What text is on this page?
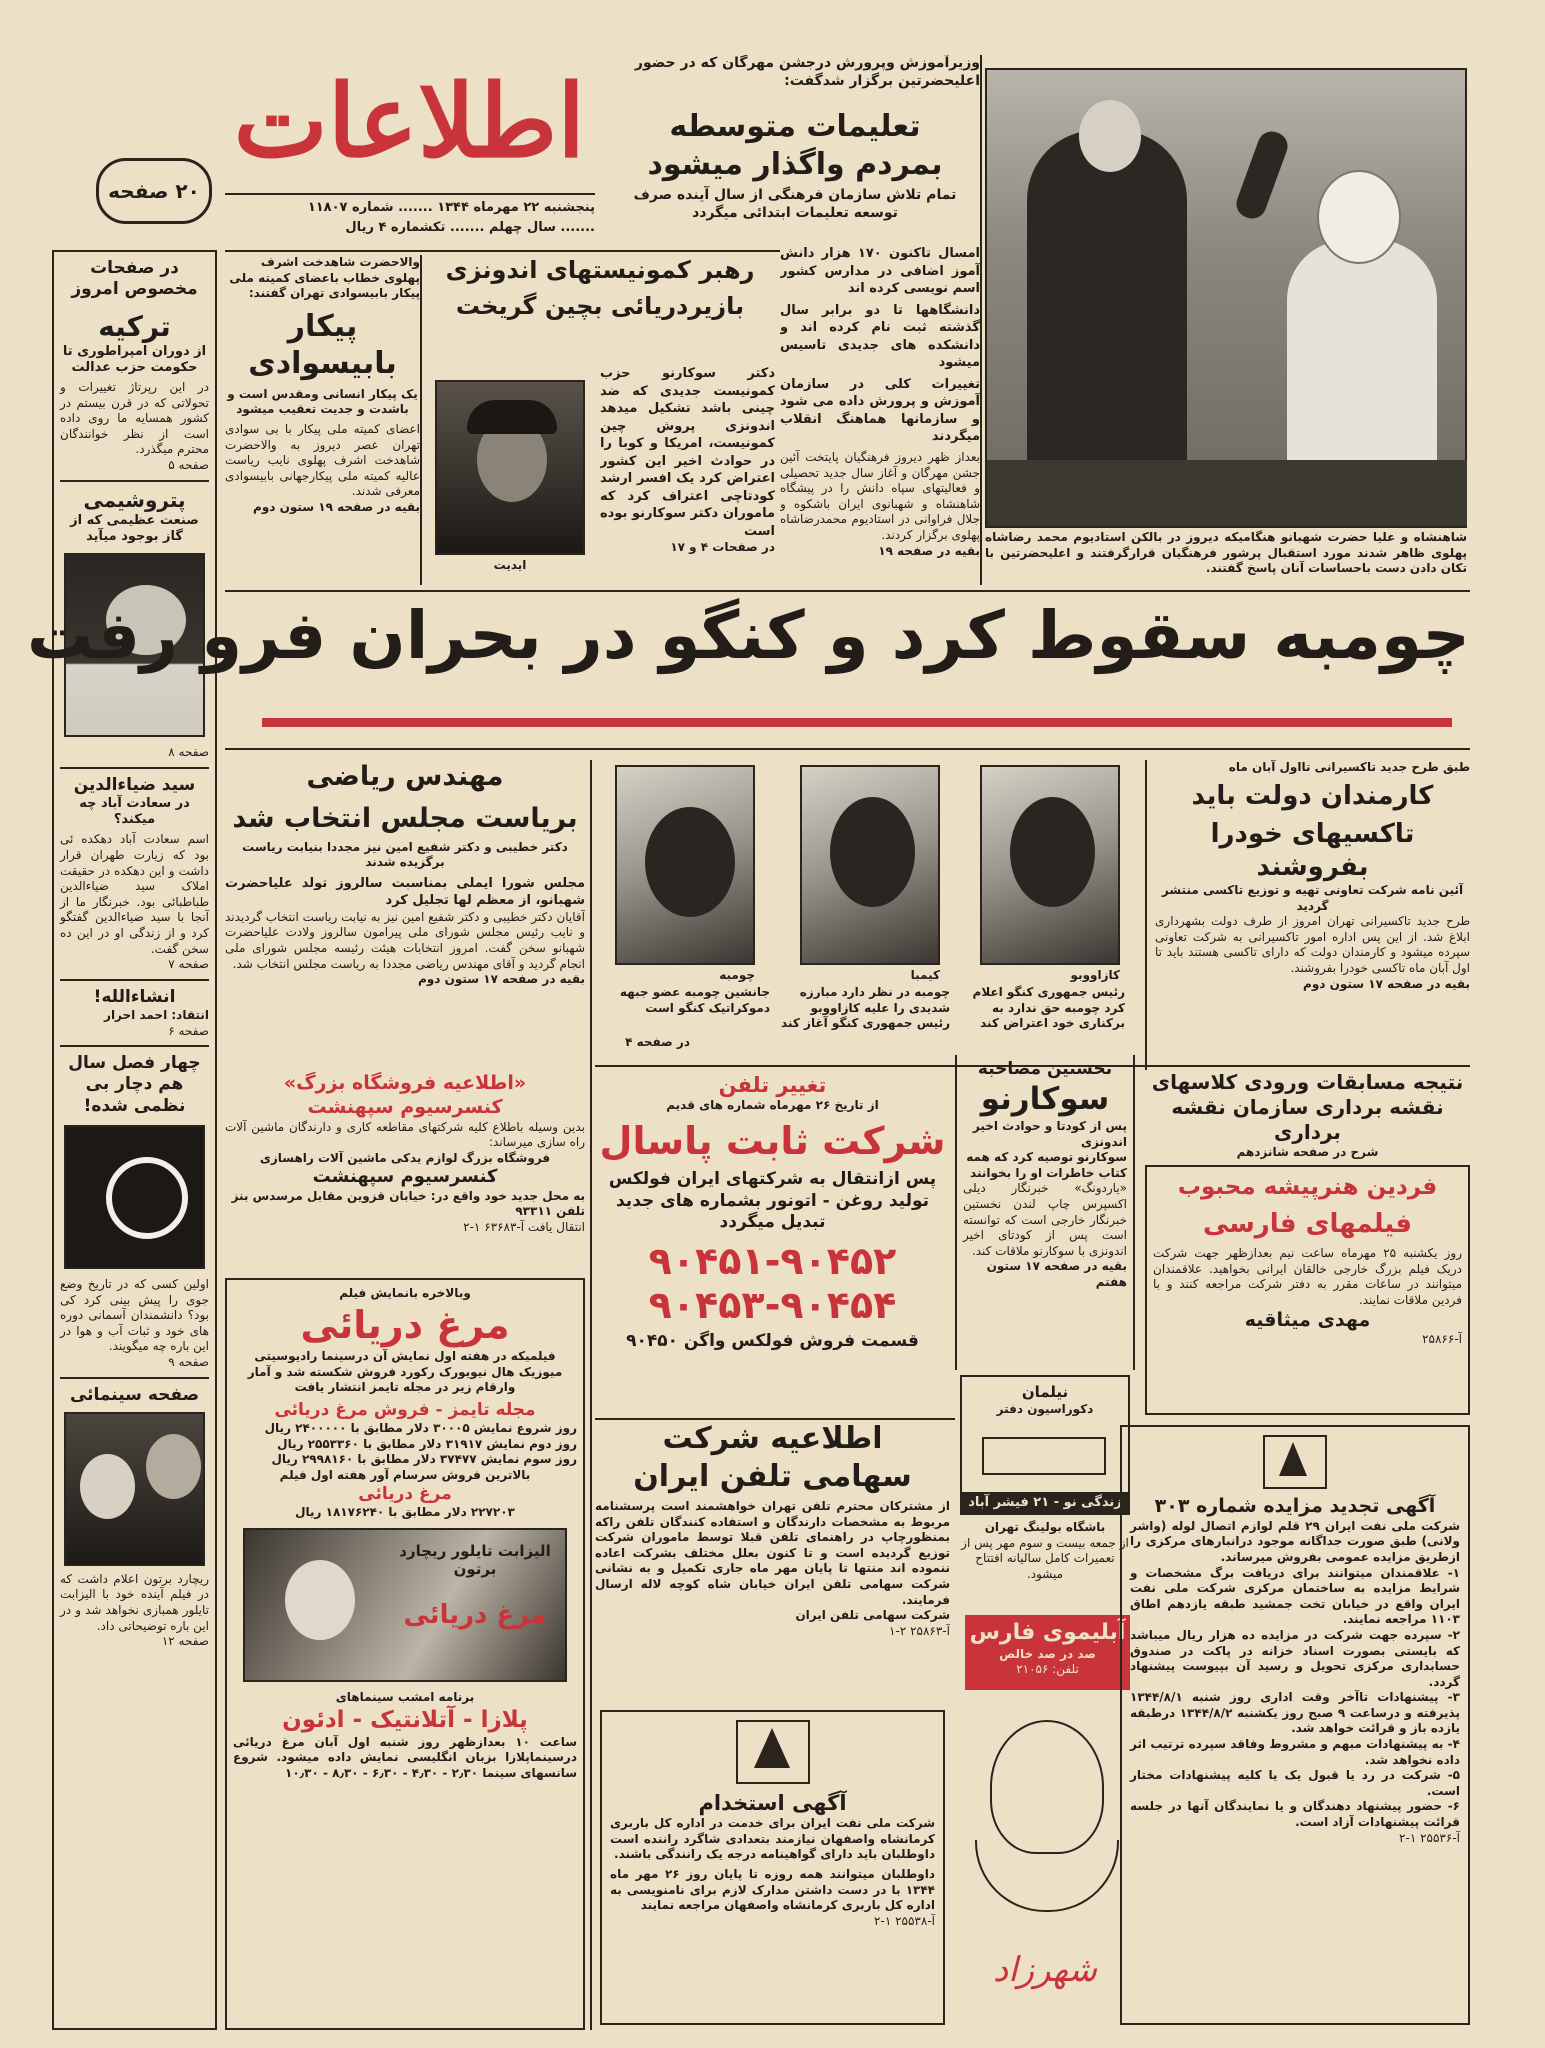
اطلاعات
۲۰ صفحه
پنجشنبه ۲۲ مهرماه ۱۳۴۴ ....... شماره ۱۱۸۰۷
....... سال چهلم ....... تکشماره ۴ ریال
وزیرآموزش وپرورش درجشن مهرگان که در حضور اعلیحضرتین برگزار شدگفت:
تعلیمات متوسطه
بمردم واگذار میشود
تمام تلاش سازمان فرهنگی از سال آینده صرف توسعه تعلیمات ابتدائی میگردد
امسال تاکنون ۱۷۰ هزار دانش آموز اضافی در مدارس کشور اسم نویسی کرده اند
دانشگاهها تا دو برابر سال گذشته ثبت نام کرده اند و دانشکده های جدیدی تاسیس میشود
تغییرات کلی در سازمان آموزش و پرورش داده می شود و سازمانها هماهنگ انقلاب میگردند
بعداز ظهر دیروز فرهنگیان پایتخت آئین جشن مهرگان و آغاز سال جدید تحصیلی و فعالیتهای سپاه دانش را در پیشگاه شاهنشاه و شهبانوی ایران باشکوه و جلال فراوانی در استادیوم محمدرضاشاه پهلوی برگزار کردند.
بقیه در صفحه ۱۹
شاهنشاه و علیا حضرت شهبانو هنگامیکه دیروز در بالکن استادیوم محمد رضاشاه پهلوی ظاهر شدند مورد استقبال پرشور فرهنگیان قرارگرفتند و اعلیحضرتین با تکان دادن دست باحساسات آنان پاسخ گفتند.
رهبر کمونیستهای اندونزی
بازیردریائی بچین گریخت
دکتر سوکارنو حزب کمونیست جدیدی که ضد چینی باشد تشکیل میدهد اندونزی پروش چین کمونیست، امریکا و کوبا را در حوادث اخیر این کشور اعتراض کرد یک افسر ارشد کودتاچی اعتراف کرد که ماموران دکتر سوکارنو بوده است
در صفحات ۴ و ۱۷
ایدیت
والاحضرت شاهدخت اشرف پهلوی خطاب باعضای کمیته ملی پیکار بابیسوادی تهران گفتند:
پیکار
بابیسوادی
یک پیکار انسانی ومقدس است و باشدت و جدیت تعقیب میشود
اعضای کمیته ملی پیکار با بی سوادی تهران عصر دیروز به والاحضرت شاهدخت اشرف پهلوی نایب ریاست عالیه کمیته ملی پیکارجهانی بابیسوادی معرفی شدند.
بقیه در صفحه ۱۹ ستون دوم
در صفحات مخصوص امروز
ترکیه
از دوران امپراطوری تا حکومت حزب عدالت
در این رپرتاژ تغییرات و تحولاتی که در قرن بیستم در کشور همسایه ما روی داده است از نظر خوانندگان محترم میگذرد.
صفحه ۵
پتروشیمی
صنعت عظیمی که از گاز بوجود میآید
صفحه ۸
سید ضیاءالدین
در سعادت آباد چه میکند؟
اسم سعادت آباد دهکده ئی بود که زیارت طهران قرار داشت و این دهکده در حقیقت املاک سید ضیاءالدین طباطبائی بود. خبرنگار ما از آنجا با سید ضیاءالدین گفتگو کرد و از زندگی او در این ده سخن گفت.
صفحه ۷
انشاءالله!
انتقاد: احمد احرار
صفحه ۶
چهار فصل سال هم دچار بی نظمی شده!
اولین کسی که در تاریخ وضع جوی را پیش بینی کرد کی بود؟ دانشمندان آسمانی دوره های خود و ثبات آب و هوا در این باره چه میگویند.
صفحه ۹
صفحه سینمائی
ریچارد برتون اعلام داشت که در فیلم آینده خود با الیزابت تایلور همبازی نخواهد شد و در این باره توضیحاتی داد.
صفحه ۱۲
چومبه سقوط کرد و کنگو در بحران فرو رفت
مهندس ریاضی
بریاست مجلس انتخاب شد
دکتر خطیبی و دکتر شفیع امین نیز مجددا بنیابت ریاست برگزیده شدند
مجلس شورا ایملی بمناسبت سالروز تولد علیاحضرت شهبانو، از معظم لها تجلیل کرد
آقایان دکتر خطیبی و دکتر شفیع امین نیز به نیابت ریاست انتخاب گردیدند و نایب رئیس مجلس شورای ملی پیرامون سالروز ولادت علیاحضرت شهبانو سخن گفت. امروز انتخابات هیئت رئیسه مجلس شورای ملی انجام گردید و آقای مهندس ریاضی مجددا به ریاست مجلس انتخاب شد.
بقیه در صفحه ۱۷ ستون دوم	کازاووبو
کیمبا
چومبه
رئیس جمهوری کنگو اعلام کرد چومبه حق ندارد به برکناری خود اعتراض کند
چومبه در نظر دارد مبارزه شدیدی را علیه کازاووبو رئیس جمهوری کنگو آغاز کند
جانشین چومبه عضو جبهه دموکراتیک کنگو است
در صفحه ۴
طبق طرح جدید تاکسیرانی تااول آبان ماه
کارمندان دولت باید
تاکسیهای خودرا بفروشند
آئین نامه شرکت تعاونی تهیه و توزیع تاکسی منتشر گردید
طرح جدید تاکسیرانی تهران امروز از طرف دولت بشهرداری ابلاغ شد. از این پس اداره امور تاکسیرانی به شرکت تعاونی سپرده میشود و کارمندان دولت که دارای تاکسی هستند باید تا اول آبان ماه تاکسی خودرا بفروشند.
بقیه در صفحه ۱۷ ستون دوم
«اطلاعیه فروشگاه بزرگ»
کنسرسیوم سپهنشت
بدین وسیله باطلاع کلیه شرکتهای مقاطعه کاری و دارندگان ماشین آلات راه سازی میرساند:
فروشگاه بزرگ لوازم یدکی ماشین آلات راهسازی
کنسرسیوم سپهنشت
به محل جدید خود واقع در: خیابان قزوین مقابل مرسدس بنز تلفن ۹۳۳۱۱
انتقال یافت آ-۶۳۶۸۳ ۱-۲
وبالاخره بانمایش فیلم
مرغ دریائی
فیلمیکه در هفته اول نمایش آن درسینما رادیوسیتی میوزیک هال نیویورک رکورد فروش شکسته شد و آمار وارقام زیر در مجله تایمز انتشار یافت
مجله تایمز - فروش مرغ دریائی
روز شروع نمایش ۳۰۰۰۵ دلار مطابق با ۲۴۰۰۰۰۰ ریال
روز دوم نمایش ۳۱۹۱۷ دلار مطابق با ۲۵۵۳۳۶۰ ریال
روز سوم نمایش ۳۷۴۷۷ دلار مطابق با ۲۹۹۸۱۶۰ ریال
بالاترین فروش سرسام آور هفته اول فیلم
مرغ دریائی
۲۲۷۲۰۳ دلار مطابق با ۱۸۱۷۶۲۴۰ ریال
الیزابت تایلور ریچارد برتون
مرغ دریائی
برنامه امشب سینماهای
پلازا - آتلانتیک - ادئون
ساعت ۱۰ بعدازظهر روز شنبه اول آبان مرغ دریائی درسینماپلازا بزبان انگلیسی نمایش داده میشود. شروع سانسهای سینما ۲٫۳۰ - ۴٫۳۰ - ۶٫۳۰ - ۸٫۳۰ - ۱۰٫۳۰
تغییر تلفن
از تاریخ ۲۶ مهرماه شماره های قدیم
شرکت ثابت پاسال
پس ازانتقال به شرکتهای ایران فولکس تولید روغن - اتونور بشماره های جدید تبدیل میگردد
۹۰۴۵۱-۹۰۴۵۲
۹۰۴۵۳-۹۰۴۵۴
قسمت فروش فولکس واگن ۹۰۴۵۰
اطلاعیه شرکت
سهامی تلفن ایران
از مشترکان محترم تلفن تهران خواهشمند است پرسشنامه مربوط به مشخصات دارندگان و استفاده کنندگان تلفن راکه بمنظورچاپ در راهنمای تلفن قبلا توسط ماموران شرکت توزیع گردیده است و تا کنون بعلل مختلف بشرکت اعاده ننموده اند منتها تا پایان مهر ماه جاری تکمیل و به نشانی شرکت سهامی تلفن ایران خیابان شاه کوچه لاله ارسال فرمایند.
شرکت سهامی تلفن ایران
آ-۲۵۸۶۳ ۲-۱
آگهی استخدام
شرکت ملی نفت ایران برای خدمت در اداره کل باربری کرمانشاه واصفهان نیازمند بتعدادی شاگرد راننده است داوطلبان باید دارای گواهینامه درجه یک رانندگی باشند.
داوطلبان میتوانند همه روزه تا پایان روز ۲۶ مهر ماه ۱۳۴۴ با در دست داشتن مدارک لازم برای نامنویسی به اداره کل باربری کرمانشاه واصفهان مراجعه نمایند
آ-۲۵۵۳۸ ۱-۲
نخستین مصاحبه
سوکارنو
پس از کودتا و حوادث اخیر اندونزی
سوکارنو توصیه کرد که همه کتاب خاطرات او را بخوانند
«یاردونگ» خبرنگار دیلی اکسپرس چاپ لندن نخستین خبرنگار خارجی است که توانسته است پس از کودتای اخیر اندونزی با سوکارنو ملاقات کند.
بقیه در صفحه ۱۷ ستون هفتم
نتیجه مسابقات ورودی کلاسهای
نقشه برداری سازمان نقشه برداری
شرح در صفحه شانزدهم
فردین هنرپیشه محبوب
فیلمهای فارسی
روز یکشنبه ۲۵ مهرماه ساعت نیم بعدازظهر جهت شرکت دریک فیلم بزرگ خارجی خالقان ایرانی بخواهید. علاقمندان میتوانند در ساعات مقرر به دفتر شرکت مراجعه کنند و با فردین ملاقات نمایند.
مهدی میثاقیه
آ-۲۵۸۶۶
نیلمان
دکوراسیون دفتر
زندگی نو - ۲۱ فیشر آباد
باشگاه بولینگ تهران
از جمعه بیست و سوم مهر پس از تعمیرات کامل سالیانه افتتاح میشود.
آبلیموی فارس
صد در صد خالص
تلفن: ۲۱۰۵۶
شهرزاد
آگهی تجدید مزایده شماره ۳۰۳
شرکت ملی نفت ایران ۲۹ قلم لوازم اتصال لوله (واشر ولانی) طبق صورت جداگانه موجود درانبارهای مرکزی را ازطریق مزایده عمومی بفروش میرساند.
۱- علاقمندان میتوانند برای دریافت برگ مشخصات و شرایط مزایده به ساختمان مرکزی شرکت ملی نفت ایران واقع در خیابان تخت جمشید طبقه یازدهم اطاق ۱۱۰۳ مراجعه نمایند.
۲- سپرده جهت شرکت در مزایده ده هزار ریال میباشد که بایستی بصورت اسناد خزانه در پاکت در صندوق حسابداری مرکزی تحویل و رسید آن بپیوست پیشنهاد گردد.
۳- پیشنهادات تاآخر وقت اداری روز شنبه ۱۳۴۴/۸/۱ پذیرفته و درساعت ۹ صبح روز یکشنبه ۱۳۴۴/۸/۲ درطبقه یازده باز و قرائت خواهد شد.
۴- به پیشنهادات مبهم و مشروط وفاقد سپرده ترتیب اثر داده نخواهد شد.
۵- شرکت در رد یا قبول یک یا کلیه پیشنهادات مختار است.
۶- حضور پیشنهاد دهندگان و یا نمایندگان آنها در جلسه قرائت پیشنهادات آزاد است.
آ-۲۵۵۳۶ ۱-۲
